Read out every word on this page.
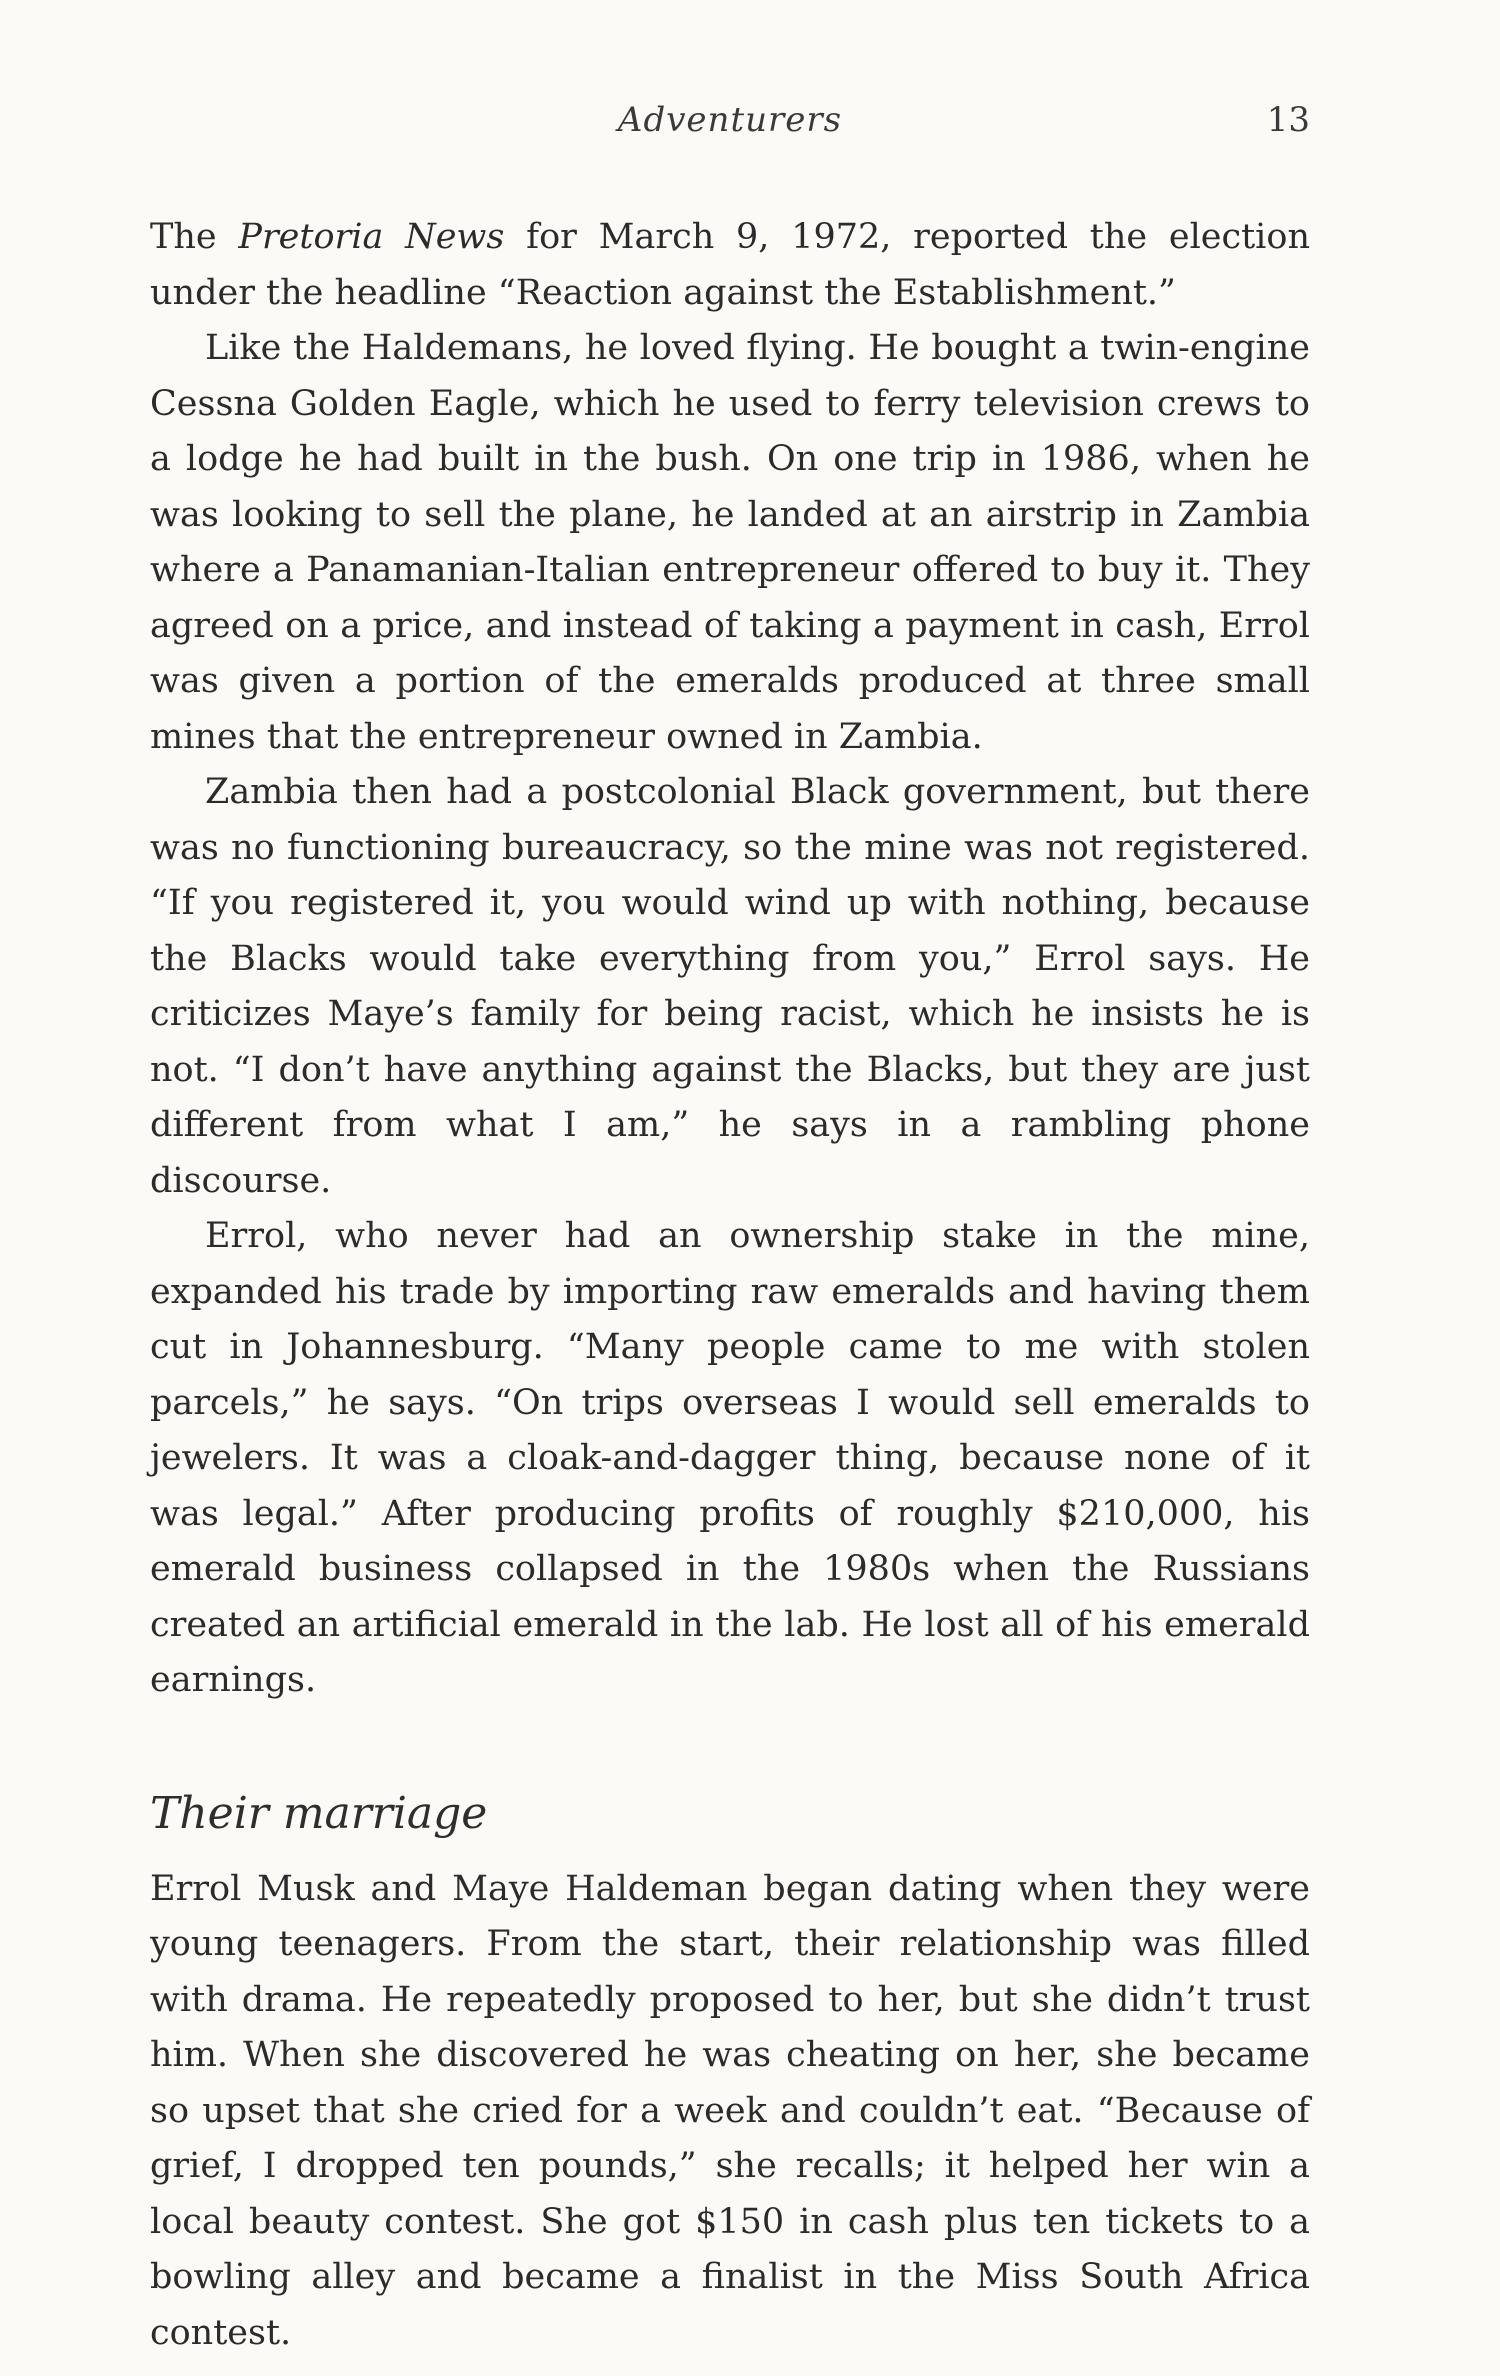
Adventurers	13

The Pretoria News for March 9, 1972, reported the election under the headline “Reaction against the Establishment.”

Like the Haldemans, he loved flying. He bought a twin-engine Cessna Golden Eagle, which he used to ferry television crews to a lodge he had built in the bush. On one trip in 1986, when he was looking to sell the plane, he landed at an airstrip in Zambia where a Panamanian-Italian entrepreneur offered to buy it. They agreed on a price, and instead of taking a payment in cash, Errol was given a portion of the emeralds produced at three small mines that the entrepreneur owned in Zambia.

Zambia then had a postcolonial Black government, but there was no functioning bureaucracy, so the mine was not registered. “If you registered it, you would wind up with nothing, because the Blacks would take everything from you,” Errol says. He criticizes Maye’s family for being racist, which he insists he is not. “I don’t have anything against the Blacks, but they are just different from what I am,” he says in a rambling phone discourse.

Errol, who never had an ownership stake in the mine, expanded his trade by importing raw emeralds and having them cut in Johannesburg. “Many people came to me with stolen parcels,” he says. “On trips overseas I would sell emeralds to jewelers. It was a cloak-and-dagger thing, because none of it was legal.” After producing profits of roughly $210,000, his emerald business collapsed in the 1980s when the Russians created an artificial emerald in the lab. He lost all of his emerald earnings.

Their marriage

Errol Musk and Maye Haldeman began dating when they were young teenagers. From the start, their relationship was filled with drama. He repeatedly proposed to her, but she didn’t trust him. When she discovered he was cheating on her, she became so upset that she cried for a week and couldn’t eat. “Because of grief, I dropped ten pounds,” she recalls; it helped her win a local beauty contest. She got $150 in cash plus ten tickets to a bowling alley and became a finalist in the Miss South Africa contest.
